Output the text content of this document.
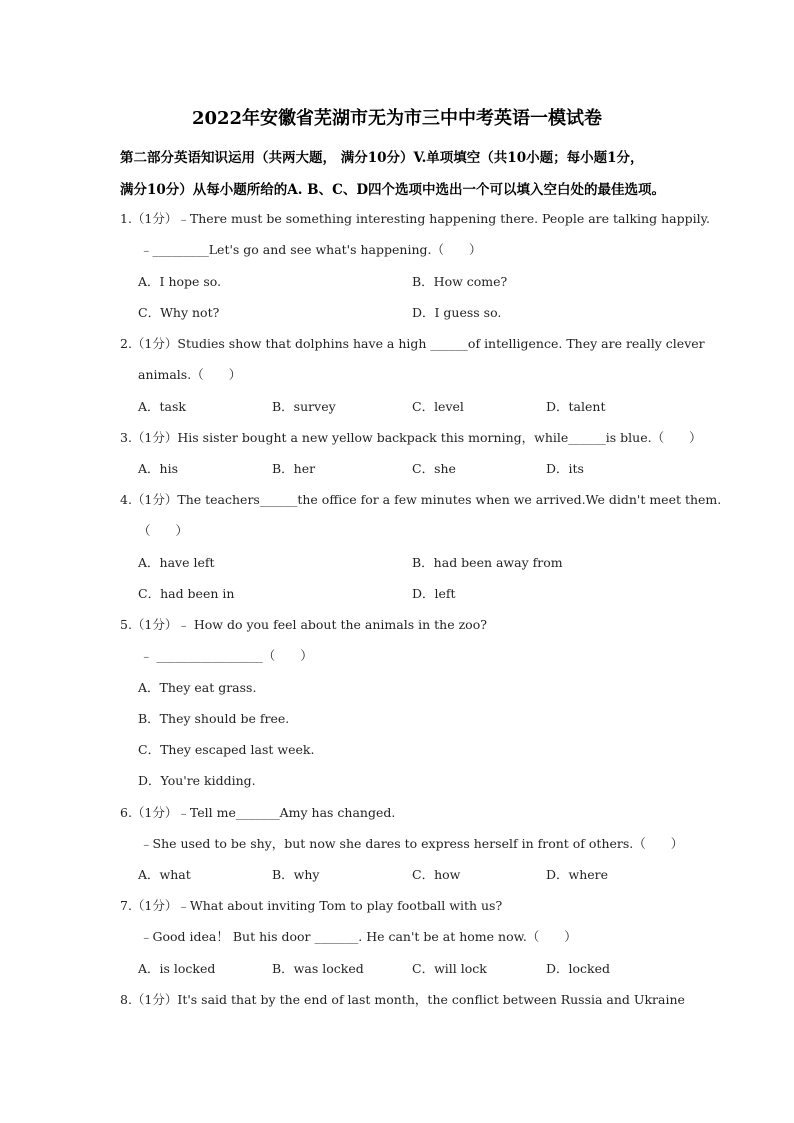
2022年安徽省芜湖市无为市三中中考英语一模试卷
第二部分英语知识运用（共两大题， 满分10分）V.单项填空（共10小题；每小题1分，
满分10分）从每小题所给的A. B、C、D四个选项中选出一个可以填入空白处的最佳选项。
1.（1分）﹣There must be something interesting happening there. People are talking happily.
﹣_________Let's go and see what's happening.（　　）
A．I hope so.	B．How come?
C．Why not?	D．I guess so.
2.（1分）Studies show that dolphins have a high ______of intelligence. They are really clever
animals.（　　）
A．task	B．survey	C．level	D．talent
3.（1分）His sister bought a new yellow backpack this morning，while______is blue.（　　）
A．his	B．her	C．she	D．its
4.（1分）The teachers______the office for a few minutes when we arrived.We didn't meet them.
（　　）
A．have left	B．had been away from
C．had been in	D．left
5.（1分）﹣ How do you feel about the animals in the zoo?
﹣ _________________（　　）
A．They eat grass.
B．They should be free.
C．They escaped last week.
D．You're kidding.
6.（1分）﹣Tell me_______Amy has changed.
﹣She used to be shy，but now she dares to express herself in front of others.（　　）
A．what	B．why	C．how	D．where
7.（1分）﹣What about inviting Tom to play football with us?
﹣Good idea！ But his door _______. He can't be at home now.（　　）
A．is locked	B．was locked	C．will lock	D．locked
8.（1分）It's said that by the end of last month，the conflict between Russia and Ukraine
